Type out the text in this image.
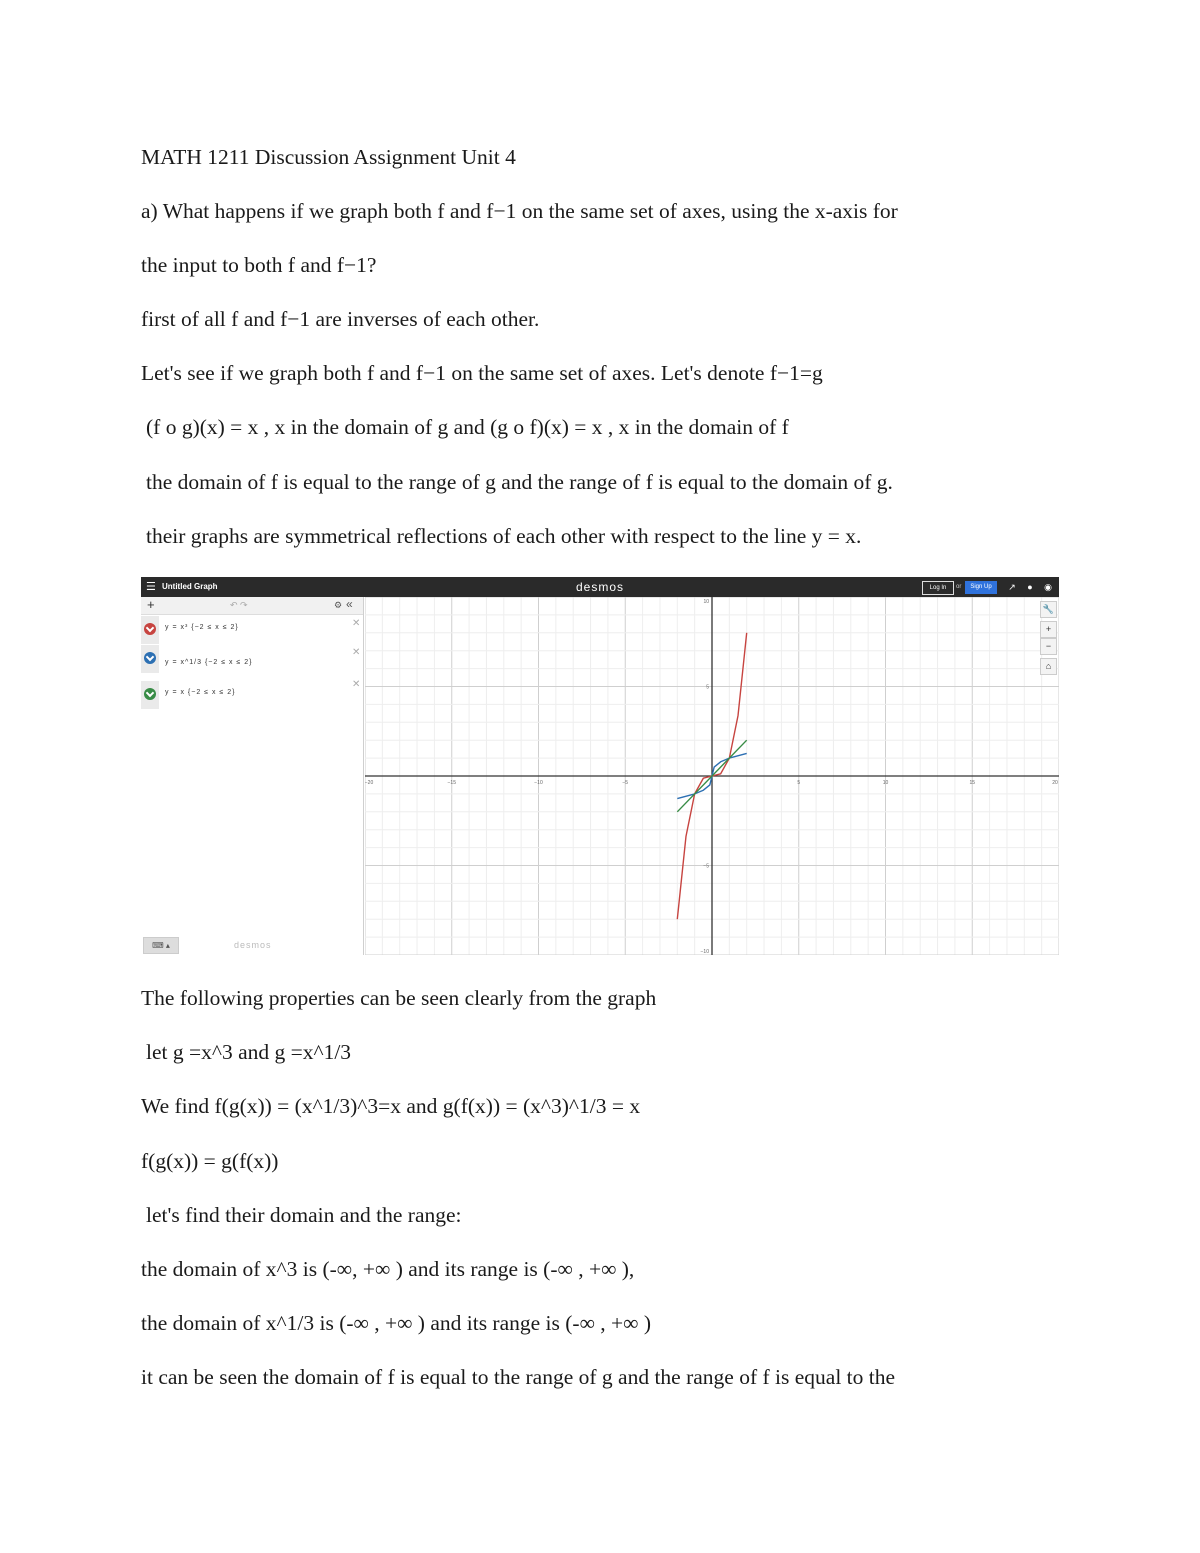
MATH 1211 Discussion Assignment Unit 4
a) What happens if we graph both f and f−1 on the same set of axes, using the x-axis for
the input to both f and f−1?
first of all f and f−1 are inverses of each other.
Let's see if we graph both f and f−1 on the same set of axes. Let's denote f−1=g
(f o g)(x) = x , x in the domain of g and (g o f)(x) = x , x in the domain of f
the domain of f is equal to the range of g and the range of f is equal to the domain of g.
their graphs are symmetrical reflections of each other with respect to the line y = x.
☰ Untitled Graph	desmos	Log In	or	Sign Up	↗ ● ◉
+	↶ ↷	⚙ «
y = x³ {−2 ≤ x ≤ 2}	✕
y = x^1/3 {−2 ≤ x ≤ 2}
✕
y = x {−2 ≤ x ≤ 2}
✕
⌨ ▴	desmos
−20	−15	−10	−5	5	10	15	20
10
5
−5
−10
🔧
+
−
⌂
The following properties can be seen clearly from the graph
let g =x^3 and g =x^1/3
We find f(g(x)) = (x^1/3)^3=x and g(f(x)) = (x^3)^1/3 = x
f(g(x)) = g(f(x))
let's find their domain and the range:
the domain of x^3 is (-∞, +∞ ) and its range is (-∞ , +∞ ),
the domain of x^1/3 is (-∞ , +∞ ) and its range is (-∞ , +∞ )
it can be seen the domain of f is equal to the range of g and the range of f is equal to the
